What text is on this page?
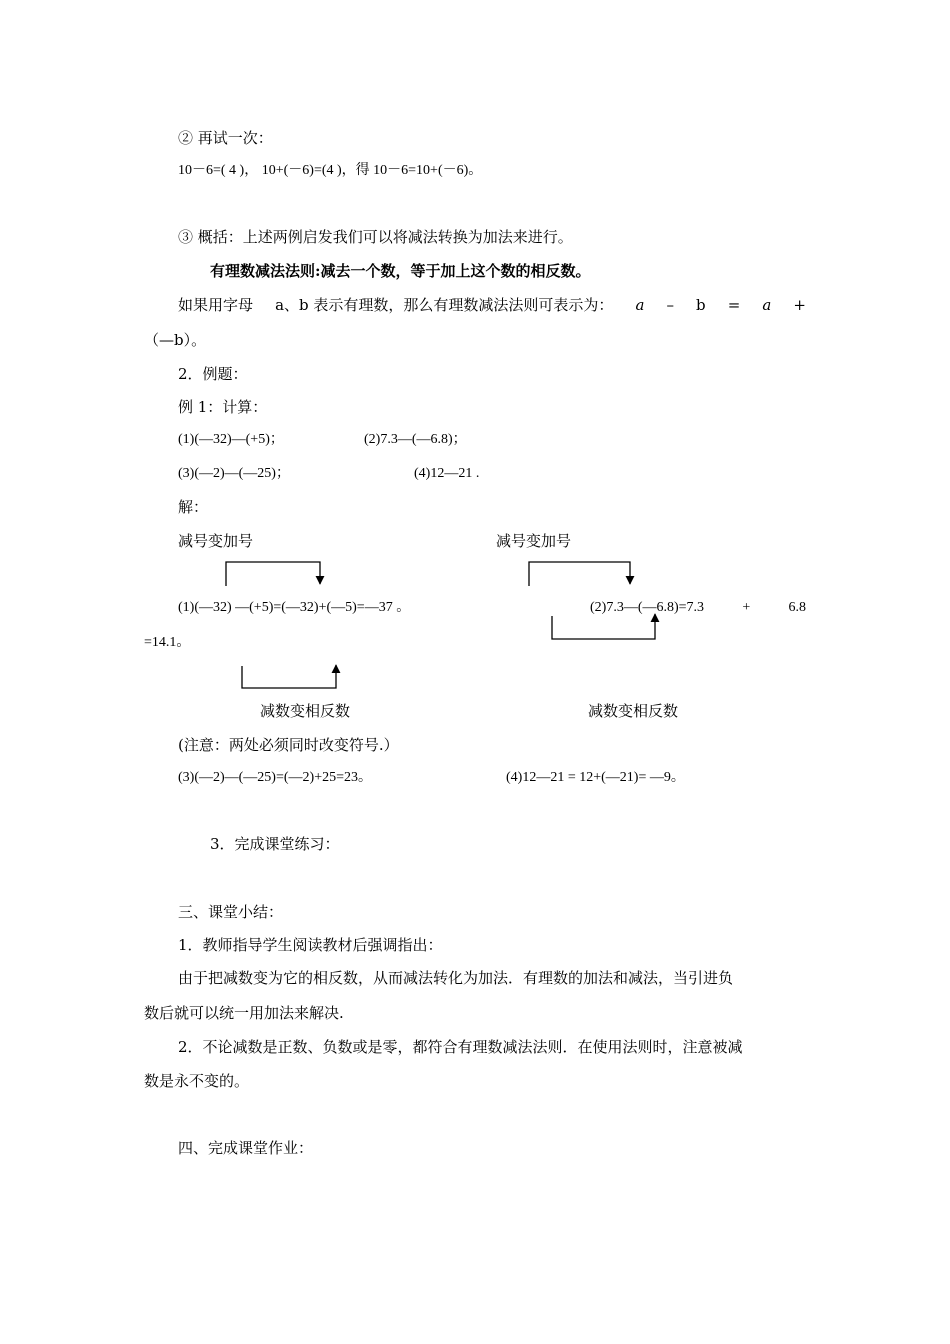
② 再试一次：
10－6=( 4 )， 10+(－6)=(4 )，得 10－6=10+(－6)。
③ 概括：上述两例启发我们可以将减法转换为加法来进行。
有理数减法法则:减去一个数，等于加上这个数的相反数。
如果用字母 a、b 表示有理数，那么有理数减法法则可表示为： a – b = a +
（—b）。
2．例题：
例 1：计算：
(1)(—32)—(+5)；	(2)7.3—(—6.8)；
(3)(—2)—(—25)；	(4)12—21 .
解：
减号变加号	减号变加号
(1)(—32) —(+5)=(—32)+(—5)=—37 。	(2)7.3—(—6.8)=7.3	+	6.8
=14.1。
减数变相反数	减数变相反数
(注意：两处必须同时改变符号.）
(3)(—2)—(—25)=(—2)+25=23。	(4)12—21 = 12+(—21)= —9。
3．完成课堂练习：
三、课堂小结：
1．教师指导学生阅读教材后强调指出：
由于把减数变为它的相反数，从而减法转化为加法．有理数的加法和减法，当引进负
数后就可以统一用加法来解决.
2．不论减数是正数、负数或是零，都符合有理数减法法则．在使用法则时，注意被减
数是永不变的。
四、完成课堂作业：
